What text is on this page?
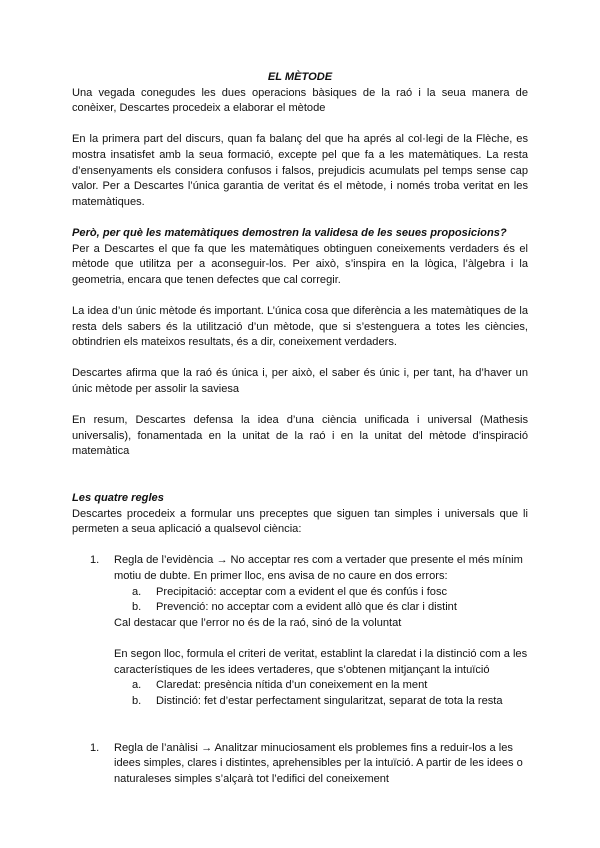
EL MÈTODE

Una vegada conegudes les dues operacions bàsiques de la raó i la seua manera de conèixer, Descartes procedeix a elaborar el mètode

En la primera part del discurs, quan fa balanç del que ha aprés al col·legi de la Flèche, es mostra insatisfet amb la seua formació, excepte pel que fa a les matemàtiques. La resta d’ensenyaments els considera confusos i falsos, prejudicis acumulats pel temps sense cap valor. Per a Descartes l’única garantia de veritat és el mètode, i només troba veritat en les matemàtiques.

Però, per què les matemàtiques demostren la validesa de les seues proposicions?

Per a Descartes el que fa que les matemàtiques obtinguen coneixements verdaders és el mètode que utilitza per a aconseguir-los. Per això, s’inspira en la lògica, l’àlgebra i la geometria, encara que tenen defectes que cal corregir.

La idea d’un únic mètode és important. L’única cosa que diferència a les matemàtiques de la resta dels sabers és la utilització d’un mètode, que si s’estenguera a totes les ciències, obtindrien els mateixos resultats, és a dir, coneixement verdaders.

Descartes afirma que la raó és única i, per això, el saber és únic i, per tant, ha d’haver un únic mètode per assolir la saviesa

En resum, Descartes defensa la idea d’una ciència unificada i universal (Mathesis universalis), fonamentada en la unitat de la raó i en la unitat del mètode d’inspiració matemàtica

Les quatre regles

Descartes procedeix a formular uns preceptes que siguen tan simples i universals que li permeten a seua aplicació a qualsevol ciència:

1. Regla de l’evidència → No acceptar res com a vertader que presente el més mínim motiu de dubte. En primer lloc, ens avisa de no caure en dos errors:

a. Precipitació: acceptar com a evident el que és confús i fosc

b. Prevenció: no acceptar com a evident allò que és clar i distint

Cal destacar que l’error no és de la raó, sinó de la voluntat

En segon lloc, formula el criteri de veritat, establint la claredat i la distinció com a les característiques de les idees vertaderes, que s’obtenen mitjançant la intuïció

a. Claredat: presència nítida d’un coneixement en la ment

b. Distinció: fet d’estar perfectament singularitzat, separat de tota la resta

1. Regla de l’anàlisi → Analitzar minuciosament els problemes fins a reduir-los a les idees simples, clares i distintes, aprehensibles per la intuïció. A partir de les idees o naturaleses simples s’alçarà tot l’edifici del coneixement
